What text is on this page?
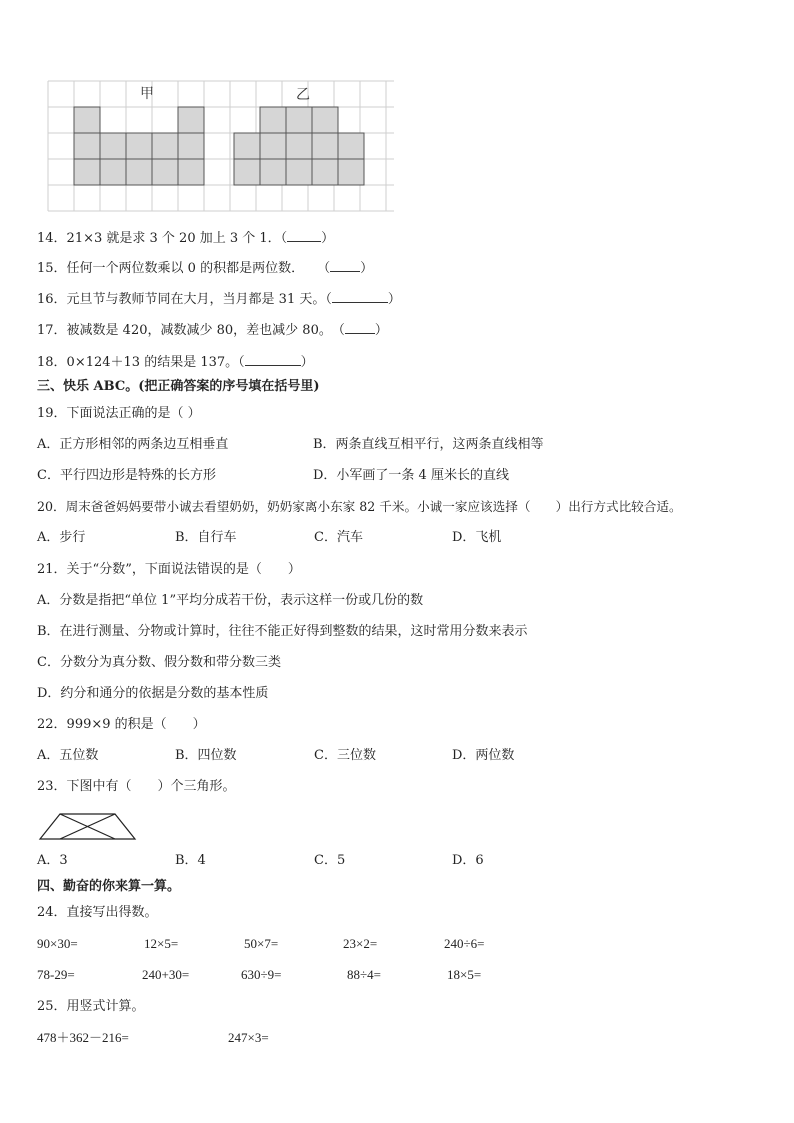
甲	乙
14．21×3 就是求 3 个 20 加上 3 个 1．（	）
15．任何一个两位数乘以 0 的积都是两位数．　　（ ）
16．元旦节与教师节同在大月，当月都是 31 天。（	）
17．被减数是 420，减数减少 80，差也减少 80。　（ ）
18．0×124＋13 的结果是 137。（	）
三、快乐 ABC。(把正确答案的序号填在括号里)
19．下面说法正确的是（ ）
A．正方形相邻的两条边互相垂直	B．两条直线互相平行，这两条直线相等
C．平行四边形是特殊的长方形	D．小军画了一条 4 厘米长的直线
20．周末爸爸妈妈要带小诚去看望奶奶，奶奶家离小东家 82 千米。小诚一家应该选择（　　）出行方式比较合适。
A．步行	B．自行车	C．汽车	D．飞机
21．关于“分数”，下面说法错误的是（　　）
A．分数是指把“单位 1”平均分成若干份，表示这样一份或几份的数
B．在进行测量、分物或计算时，往往不能正好得到整数的结果，这时常用分数来表示
C．分数分为真分数、假分数和带分数三类
D．约分和通分的依据是分数的基本性质
22．999×9 的积是（　　）
A．五位数	B．四位数	C．三位数	D．两位数
23．下图中有（　　）个三角形。
A．3	B．4	C．5	D．6
四、勤奋的你来算一算。
24．直接写出得数。
90×30=	12×5=	50×7=	23×2=	240÷6=
78-29=	240+30=	630÷9=	88÷4=	18×5=
25．用竖式计算。
478＋362－216=	247×3=
